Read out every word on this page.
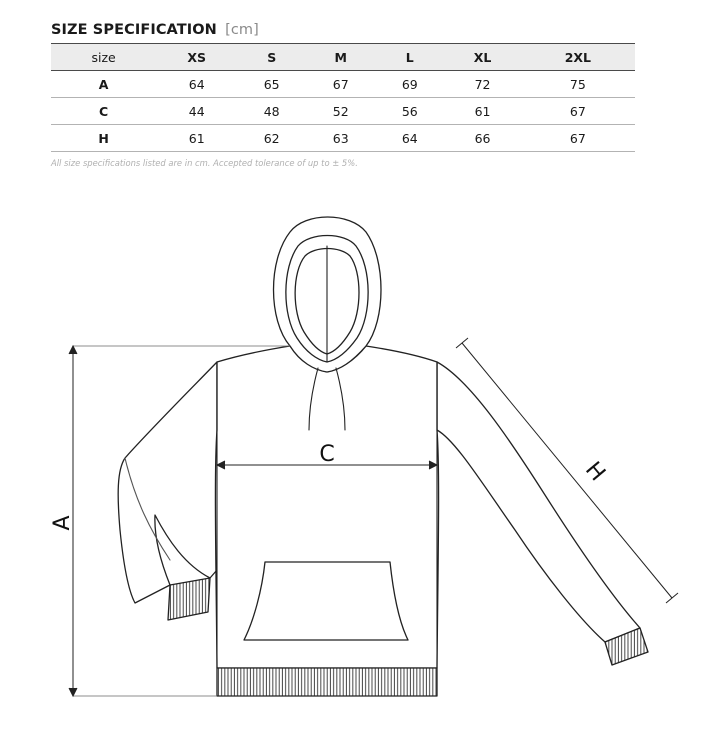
SIZE SPECIFICATION [cm]
size	XS	S	M	L	XL	2XL
A	64	65	67	69	72	75
C	44	48	52	56	61	67
H	61	62	63	64	66	67
All size specifications listed are in cm. Accepted tolerance of up to ± 5%.
A
C
H
